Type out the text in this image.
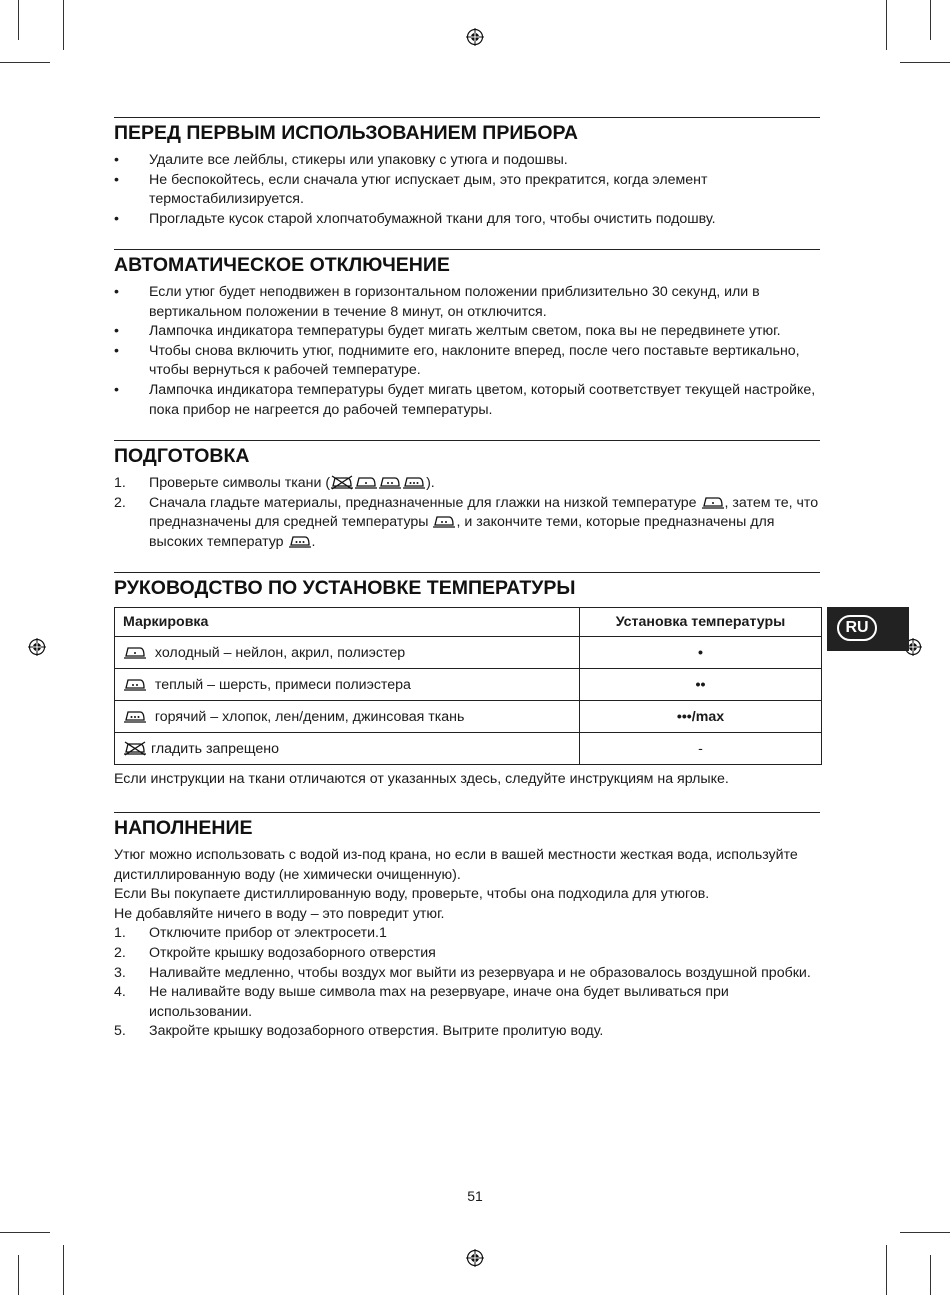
ПЕРЕД ПЕРВЫМ ИСПОЛЬЗОВАНИЕМ ПРИБОРА
•	Удалите все лейблы, стикеры или упаковку с утюга и подошвы.
•	Не беспокойтесь, если сначала утюг испускает дым, это прекратится, когда элемент термостабилизируется.
•	Прогладьте кусок старой хлопчатобумажной ткани для того, чтобы очистить подошву.
АВТОМАТИЧЕСКОЕ ОТКЛЮЧЕНИЕ
•	Если утюг будет неподвижен в горизонтальном положении приблизительно 30 секунд, или в вертикальном положении в течение 8 минут, он отключится.
•	Лампочка индикатора температуры будет мигать желтым светом, пока вы не передвинете утюг.
•	Чтобы снова включить утюг, поднимите его, наклоните вперед, после чего поставьте вертикально, чтобы вернуться к рабочей температуре.
•	Лампочка индикатора температуры будет мигать цветом, который соответствует текущей настройке, пока прибор не нагреется до рабочей температуры.
ПОДГОТОВКА
1. Проверьте символы ткани (	).
2. Сначала гладьте материалы, предназначенные для глажки на низкой температуре , затем те, что предназначены для средней температуры , и закончите теми, которые предназначены для высоких температур .
РУКОВОДСТВО ПО УСТАНОВКЕ ТЕМПЕРАТУРЫ
Маркировка	Установка температуры
холодный – нейлон, акрил, полиэстер	•
теплый – шерсть, примеси полиэстера	••
горячий – хлопок, лен/деним, джинсовая ткань	•••/max
гладить запрещено	-
RU
Если инструкции на ткани отличаются от указанных здесь, следуйте инструкциям на ярлыке.
НАПОЛНЕНИЕ

Утюг можно использовать с водой из-под крана, но если в вашей местности жесткая вода, используйте дистиллированную воду (не химически очищенную).

Если Вы покупаете дистиллированную воду, проверьте, чтобы она подходила для утюгов.

Не добавляйте ничего в воду – это повредит утюг.

1. Отключите прибор от электросети.1
2. Откройте крышку водозаборного отверстия
3. Наливайте медленно, чтобы воздух мог выйти из резервуара и не образовалось воздушной пробки.
4. Не наливайте воду выше символа max на резервуаре, иначе она будет выливаться при использовании.
5. Закройте крышку водозаборного отверстия. Вытрите пролитую воду.
51
